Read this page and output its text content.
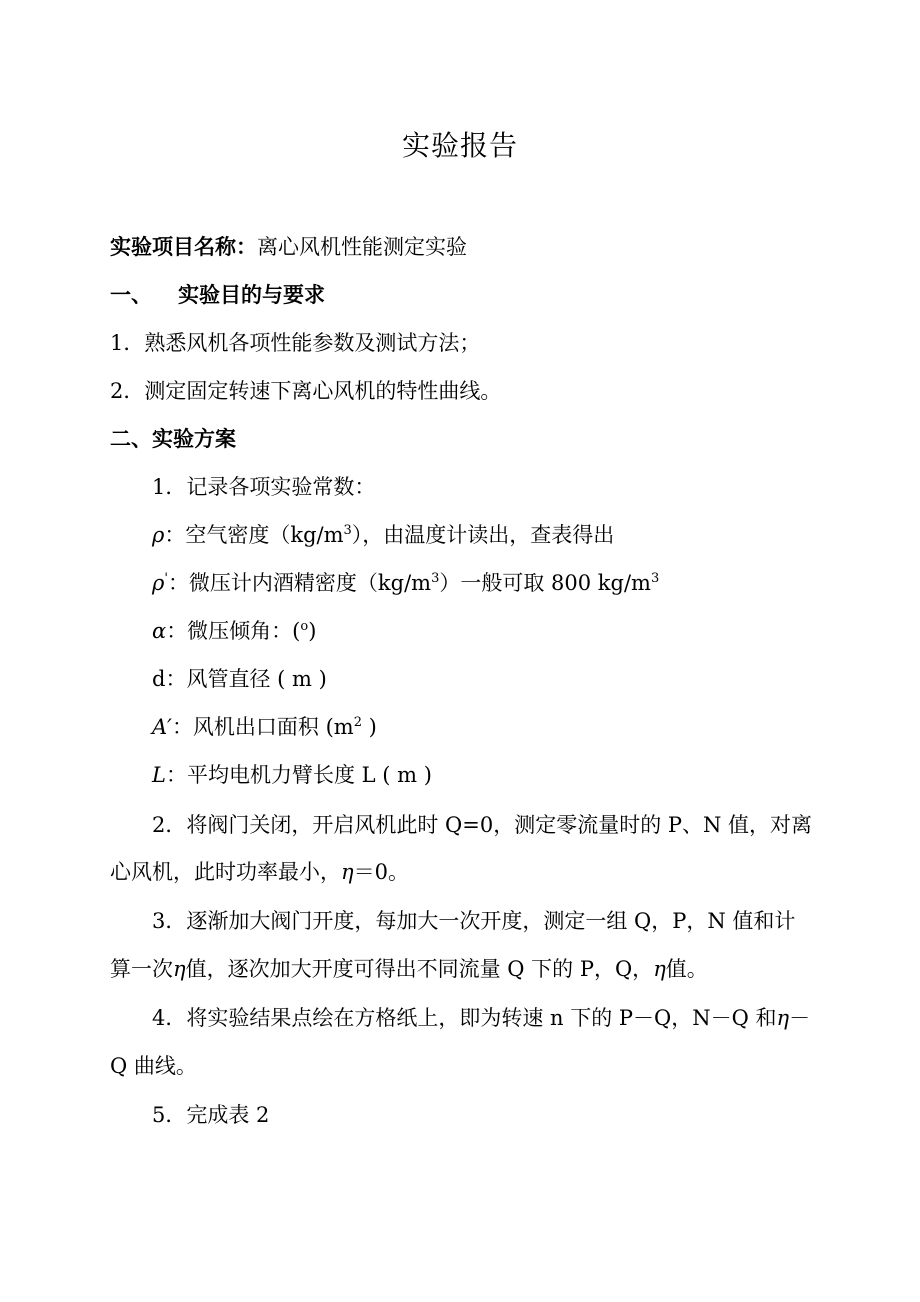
实验报告
实验项目名称：离心风机性能测定实验
一、 实验目的与要求
1．熟悉风机各项性能参数及测试方法；
2．测定固定转速下离心风机的特性曲线。
二、实验方案
1．记录各项实验常数：
ρ：空气密度$(kg/m^3)$，由温度计读出，查表得出
ρ'：微压计内酒精密度$(kg/m^3)$一般可取 800 $kg/m^3$
α：微压倾角：($^o$)
d：风管直径 ( m )
A′：风机出口面积 ($m^2$ )
L：平均电机力臂长度 L ( m )
2．将阀门关闭，开启风机此时 Q=0，测定零流量时的 P、N 值，对离
心风机，此时功率最小，η＝0。
3．逐渐加大阀门开度，每加大一次开度，测定一组 Q，P，N 值和计
算一次η值，逐次加大开度可得出不同流量 Q 下的 P，Q，η值。
4．将实验结果点绘在方格纸上，即为转速 n 下的 P－Q，N－Q 和η－
Q 曲线。
5．完成表 2
